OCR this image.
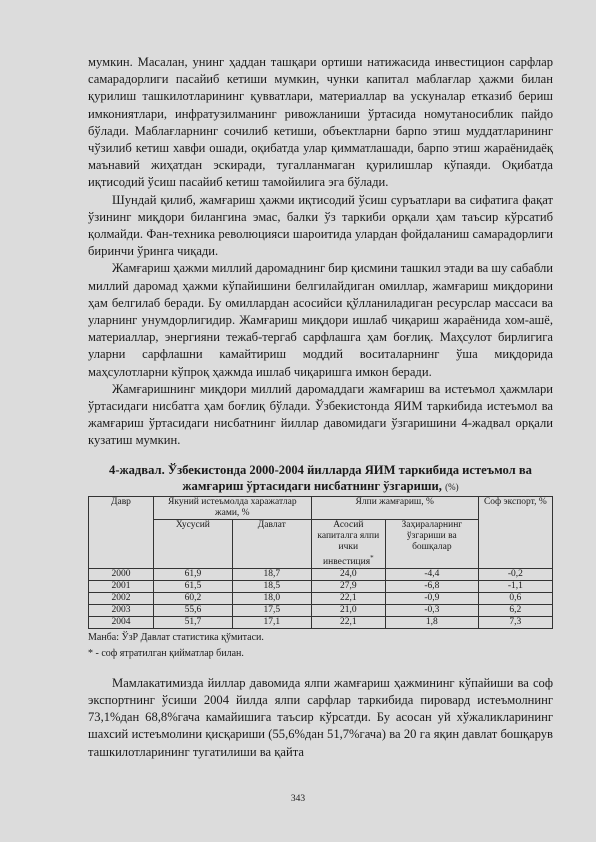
мумкин. Масалан, унинг ҳаддан ташқари ортиши натижасида инвестицион сарфлар самарадорлиги пасайиб кетиши мумкин, чунки капитал маблағлар ҳажми билан қурилиш ташкилотларининг қувватлари, материаллар ва ускуналар етказиб бериш имкониятлари, инфратузилманинг ривожланиши ўртасида номутаносиблик пайдо бўлади. Маблағларнинг сочилиб кетиши, объектларни барпо этиш муддатларининг чўзилиб кетиш хавфи ошади, оқибатда улар қимматлашади, барпо этиш жараёнидаёқ маънавий жиҳатдан эскиради, тугалланмаган қурилишлар кўпаяди. Оқибатда иқтисодий ўсиш пасайиб кетиш тамойилига эга бўлади.

Шундай қилиб, жамғариш ҳажми иқтисодий ўсиш суръатлари ва сифатига фақат ўзининг миқдори билангина эмас, балки ўз таркиби орқали ҳам таъсир кўрсатиб қолмайди. Фан-техника революцияси шароитида улардан фойдаланиш самарадорлиги биринчи ўринга чиқади.

Жамғариш ҳажми миллий даромаднинг бир қисмини ташкил этади ва шу сабабли миллий даромад ҳажми кўпайишини белгилайдиган омиллар, жамғариш миқдорини ҳам белгилаб беради. Бу омиллардан асосийси қўлланиладиган ресурслар массаси ва уларнинг унумдорлигидир. Жамғариш миқдори ишлаб чиқариш жараёнида хом-ашё, материаллар, энергияни тежаб-тергаб сарфлашга ҳам боғлиқ. Маҳсулот бирлигига уларни сарфлашни камайтириш моддий воситаларнинг ўша миқдорида маҳсулотларни кўпроқ ҳажмда ишлаб чиқаришга имкон беради.

Жамғаришнинг миқдори миллий даромаддаги жамғариш ва истеъмол ҳажмлари ўртасидаги нисбатга ҳам боғлиқ бўлади. Ўзбекистонда ЯИМ таркибида истеъмол ва жамғариш ўртасидаги нисбатнинг йиллар давомидаги ўзгаришини 4-жадвал орқали кузатиш мумкин.

4-жадвал. Ўзбекистонда 2000-2004 йилларда ЯИМ таркибида истеъмол ва жамғариш ўртасидаги нисбатнинг ўзгариши, (%)
Давр	Якуний истеъмолда харажатлар жами, %		Ялпи жамғариш, %		Соф экспорт, %
	Хусусий	Давлат	Асосий капиталга ялпи ички инвестиция*	Заҳираларнинг ўзгариши ва бошқалар	
2000	61,9	18,7	24,0	-4,4	-0,2
2001	61,5	18,5	27,9	-6,8	-1,1
2002	60,2	18,0	22,1	-0,9	0,6
2003	55,6	17,5	21,0	-0,3	6,2
2004	51,7	17,1	22,1	1,8	7,3
Манба: ЎзР Давлат статистика қўмитаси.
* - соф ятратилган қийматлар билан.

Мамлакатимизда йиллар давомида ялпи жамғариш ҳажмининг кўпайиши ва соф экспортнинг ўсиши 2004 йилда ялпи сарфлар таркибида пировард истеъмолнинг 73,1%дан 68,8%гача камайишига таъсир кўрсатди. Бу асосан уй хўжаликларининг шахсий истеъмолини қисқариши (55,6%дан 51,7%гача) ва 20 га яқин давлат бошқарув ташкилотларининг тугатилиши ва қайта

343
